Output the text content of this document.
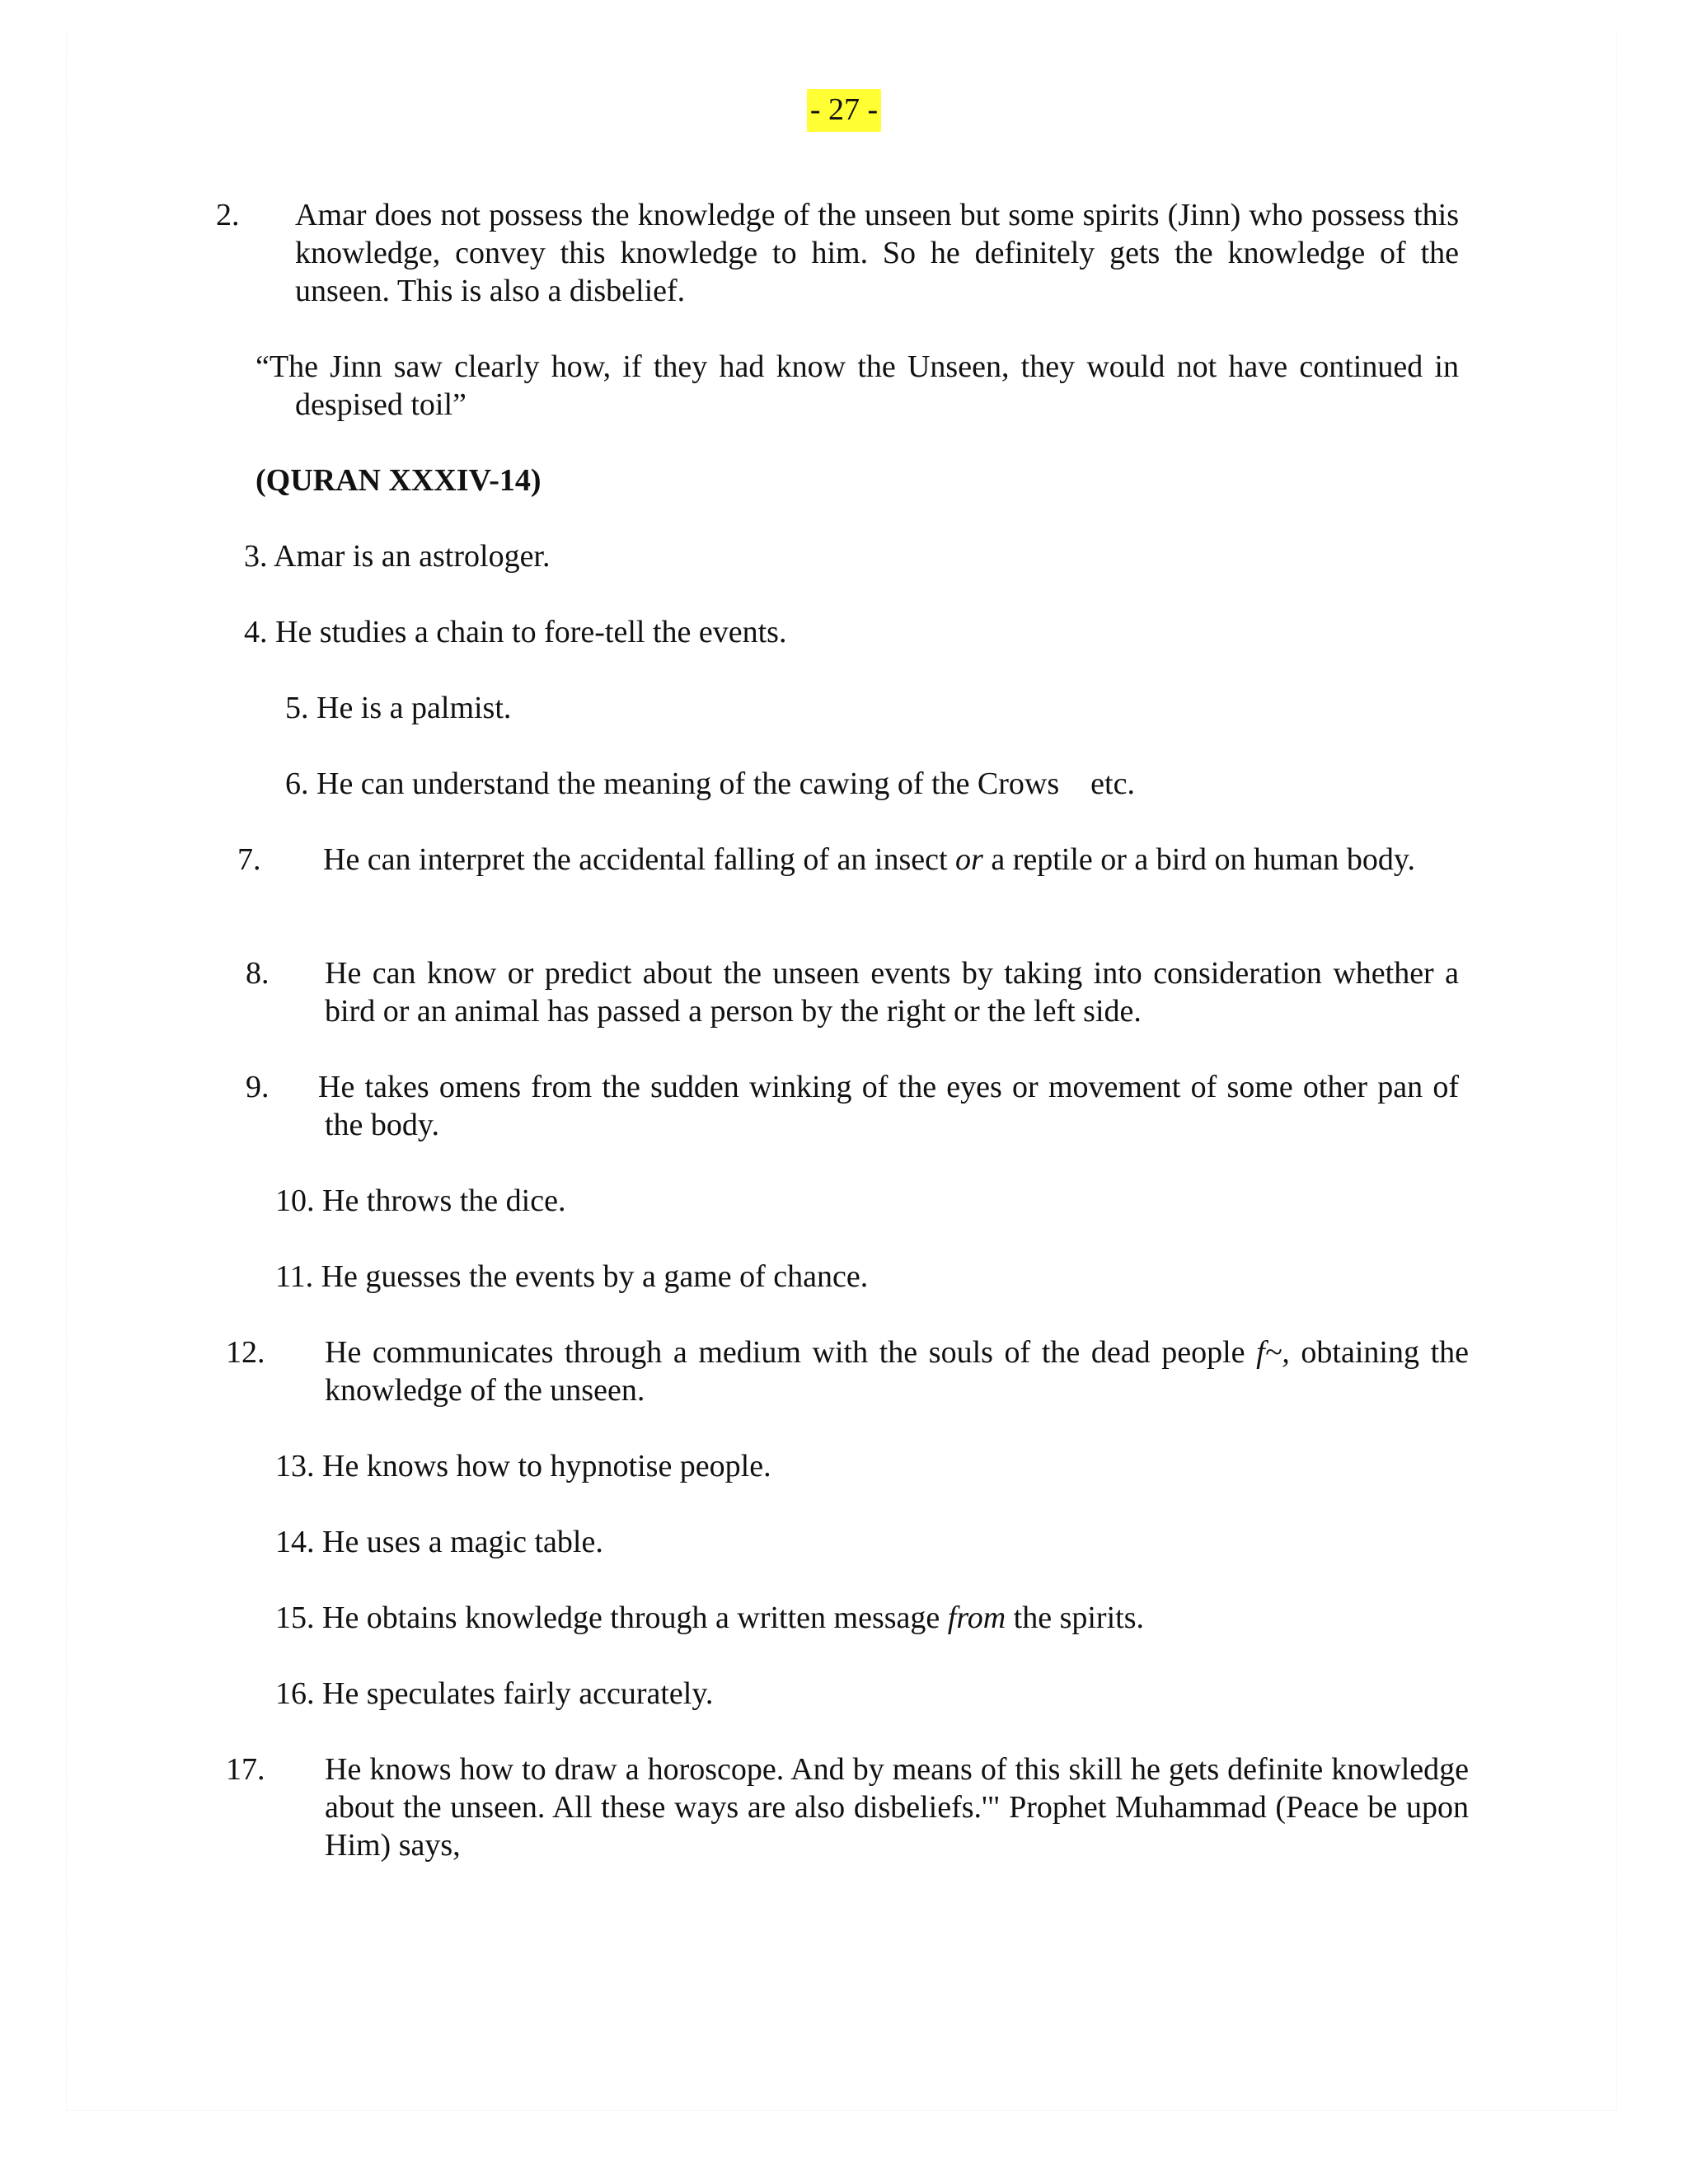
- 27 -

2. Amar does not possess the knowledge of the unseen but some spirits (Jinn) who possess this knowledge, convey this knowledge to him. So he definitely gets the knowledge of the unseen. This is also a disbelief.

“The Jinn saw clearly how, if they had know the Unseen, they would not have continued in despised toil”

(QURAN XXXIV-14)

3. Amar is an astrologer.

4. He studies a chain to fore-tell the events.

5. He is a palmist.

6. He can understand the meaning of the cawing of the Crows    etc.

7. He can interpret the accidental falling of an insect or a reptile or a bird on human body.

8. He can know or predict about the unseen events by taking into consideration whether a bird or an animal has passed a person by the right or the left side.

9. He takes omens from the sudden winking of the eyes or movement of some other pan of the body.

10. He throws the dice.

11. He guesses the events by a game of chance.

12. He communicates through a medium with the souls of the dead people f~, obtaining the knowledge of the unseen.

13. He knows how to hypnotise people.

14. He uses a magic table.

15. He obtains knowledge through a written message from the spirits.

16. He speculates fairly accurately.

17. He knows how to draw a horoscope. And by means of this skill he gets definite knowledge about the unseen. All these ways are also disbeliefs.'" Prophet Muhammad (Peace be upon Him) says,
